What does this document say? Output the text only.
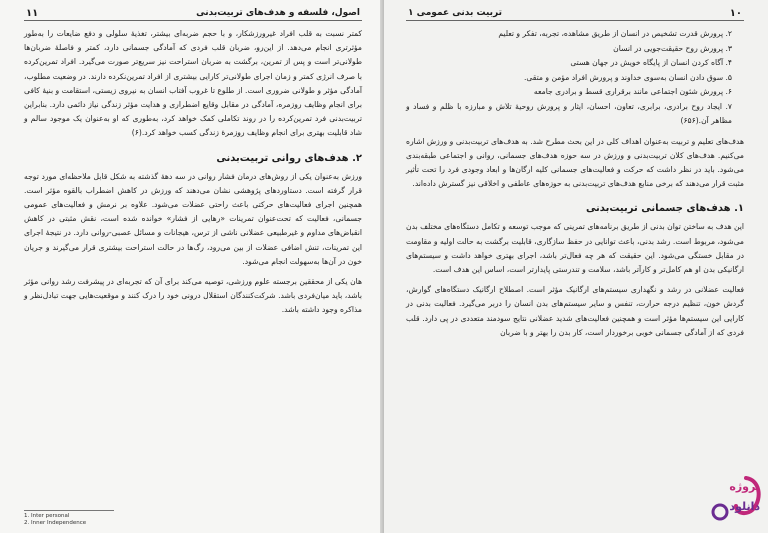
اصول، فلسفه و هدف‌های تربیت‌بدنی
۱۱

کمتر نسبت به قلب افراد غیرورزشکار، و با حجم ضربه‌ای بیشتر، تغذیهٔ سلولی و دفع ضایعات را به‌طور مؤثرتری انجام می‌دهد. از این‌رو، ضربان قلب فردی که آمادگی جسمانی دارد، کمتر و فاصلهٔ ضربان‌ها طولانی‌تر است و پس از تمرین، برگشت به ضربان استراحت نیز سریع‌تر صورت می‌گیرد. افراد تمرین‌کرده با صرف انرژی کمتر و زمان اجرای طولانی‌تر کارایی بیشتری از افراد تمرین‌نکرده دارند. در وضعیت مطلوب، آمادگی مؤثر و طولانی ضروری است. از طلوع تا غروب آفتاب انسان به نیروی زیستی، استقامت و بنیهٔ کافی برای انجام وظایف روزمره، آمادگی در مقابل وقایع اضطراری و هدایت مؤثر زندگی نیاز دائمی دارد. بنابراین تربیت‌بدنی فرد تمرین‌کرده را در روند تکاملی کمک خواهد کرد، به‌طوری که او به‌عنوان یک موجود سالم و شاد قابلیت بهتری برای انجام وظایف روزمرهٔ زندگی کسب خواهد کرد.(۶)

۲. هدف‌های روانی تربیت‌بدنی

ورزش به‌عنوان یکی از روش‌های درمان فشار روانی در سه دههٔ گذشته به شکل قابل ملاحظه‌ای مورد توجه قرار گرفته است. دستاوردهای پژوهشی نشان می‌دهند که ورزش در کاهش اضطراب بالقوه مؤثر است. همچنین اجرای فعالیت‌های حرکتی باعث راحتی عضلات می‌شود. علاوه بر نرمش و فعالیت‌های عمومی جسمانی، فعالیت که تحت‌عنوان تمرینات «رهایی از فشار» خوانده شده است، نقش مثبتی در کاهش انقباض‌های مداوم و غیرطبیعی عضلانی ناشی از ترس، هیجانات و مسائل عصبی-روانی دارد. در نتیجهٔ اجرای این تمرینات، تنش اضافی عضلات از بین می‌رود، رگ‌ها در حالت استراحت بیشتری قرار می‌گیرند و جریان خون در آن‌ها به‌سهولت انجام می‌شود.

هان یکی از محققین برجسته علوم ورزشی، توصیه می‌کند برای آن که تجربه‌ای در پیشرفت رشد روانی مؤثر باشد، باید میان‌فردی باشد. شرکت‌کنندگان استقلال درونی خود را درک کنند و موقعیت‌هایی جهت تبادل‌نظر و مذاکره وجود داشته باشد.

1. Inter personal
2. Inner Independence
۱۰
تربیت بدنی عمومی ۱
۲. پرورش قدرت تشخیص در انسان از طریق مشاهده، تجربه، تفکر و تعلیم
۳. پرورش روح حقیقت‌جویی در انسان
۴. آگاه کردن انسان از پایگاه خویش در جهان هستی
۵. سوق دادن انسان به‌سوی خداوند و پرورش افراد مؤمن و متقی.
۶. پرورش شئون اجتماعی مانند برقراری قسط و برادری جامعه
۷. ایجاد روح برادری، برابری، تعاون، احسان، ایثار و پرورش روحیهٔ تلاش و مبارزه با ظلم و فساد و مظاهر آن.(۶۵۶)

هدف‌های تعلیم و تربیت به‌عنوان اهداف کلی در این بحث مطرح شد. به هدف‌های تربیت‌بدنی و ورزش اشاره می‌کنیم. هدف‌های کلان تربیت‌بدنی و ورزش در سه حوزه هدف‌های جسمانی، روانی و اجتماعی طبقه‌بندی می‌شود. باید در نظر داشت که حرکت و فعالیت‌های جسمانی کلیه ارگان‌ها و ابعاد وجودی فرد را تحت تأثیر مثبت قرار می‌دهند که برخی منابع هدف‌های تربیت‌بدنی به حوزه‌های عاطفی و اخلاقی نیز گسترش داده‌اند.

۱. هدف‌های جسمانی تربیت‌بدنی

این هدف به ساختن توان بدنی از طریق برنامه‌های تمرینی که موجب توسعه و تکامل دستگاه‌های مختلف بدن می‌شود، مربوط است. رشد بدنی، باعث توانایی در حفظ سازگاری، قابلیت برگشت به حالت اولیه و مقاومت در مقابل خستگی می‌شود. این حقیقت که هر چه فعال‌تر باشد، اجرای بهتری خواهد داشت و سیستم‌های ارگانیکی بدن او هم کامل‌تر و کارآتر باشد، سلامت و تندرستی پایدارتر است، اساس این هدف است.

فعالیت عضلانی در رشد و نگهداری سیستم‌های ارگانیک مؤثر است. اصطلاح ارگانیک دستگاه‌های گوارش، گردش خون، تنظیم درجه حرارت، تنفس و سایر سیستم‌های بدن انسان را دربر می‌گیرد. فعالیت بدنی در کارایی این سیستم‌ها مؤثر است و همچنین فعالیت‌های شدید عضلانی نتایج سودمند متعددی در پی دارد. قلب فردی که از آمادگی جسمانی خوبی برخوردار است، کار بدن را بهتر و با ضربان

پروژه
دانلود
